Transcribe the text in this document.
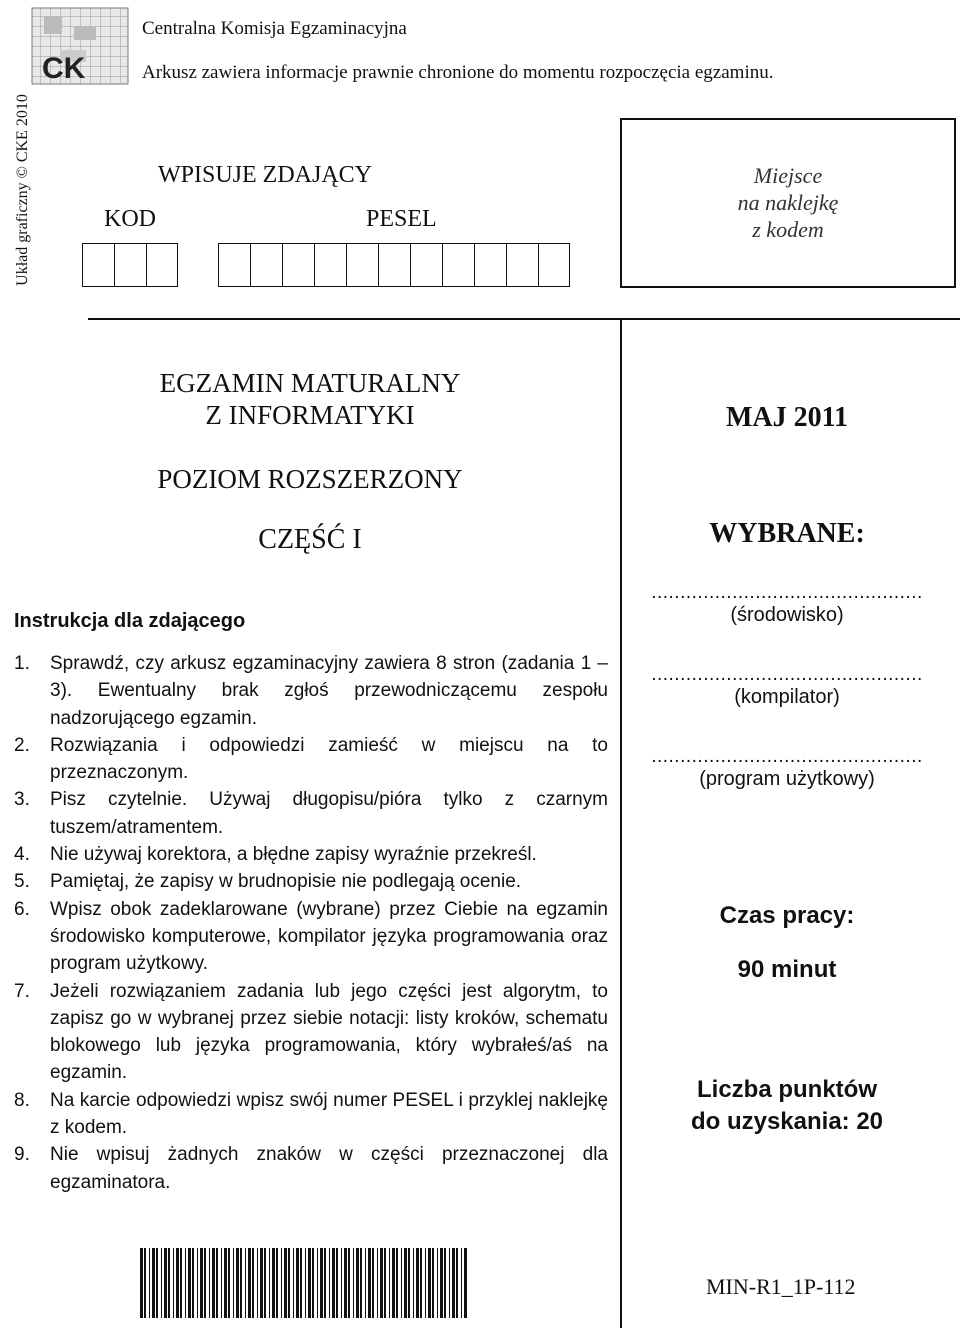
CK
Centralna Komisja Egzaminacyjna
Arkusz zawiera informacje prawnie chronione do momentu rozpoczęcia egzaminu.
Układ graficzny © CKE 2010	WPISUJE ZDAJĄCY
KOD	PESEL
Miejsce
na naklejkę
z kodem
EGZAMIN MATURALNY
Z INFORMATYKI
POZIOM ROZSZERZONY
CZĘŚĆ I
MAJ 2011
WYBRANE:
Instrukcja dla zdającego
1. Sprawdź, czy arkusz egzaminacyjny zawiera 8 stron (zadania 1 – 3). Ewentualny brak zgłoś przewodniczącemu zespołu nadzorującego egzamin.
2. Rozwiązania i odpowiedzi zamieść w miejscu na to przeznaczonym.
3. Pisz czytelnie. Używaj długopisu/pióra tylko z czarnym tuszem/atramentem.
4. Nie używaj korektora, a błędne zapisy wyraźnie przekreśl.
5. Pamiętaj, że zapisy w brudnopisie nie podlegają ocenie.
6. Wpisz obok zadeklarowane (wybrane) przez Ciebie na egzamin środowisko komputerowe, kompilator języka programowania oraz program użytkowy.
7. Jeżeli rozwiązaniem zadania lub jego części jest algorytm, to zapisz go w wybranej przez siebie notacji: listy kroków, schematu blokowego lub języka programowania, który wybrałeś/aś na egzamin.
8. Na karcie odpowiedzi wpisz swój numer PESEL i przyklej naklejkę z kodem.
9. Nie wpisuj żadnych znaków w części przeznaczonej dla egzaminatora.
...............................................
(środowisko)
...............................................
(kompilator)
...............................................
(program użytkowy)
Czas pracy:
90 minut
Liczba punktów
do uzyskania: 20
MIN-R1_1P-112
